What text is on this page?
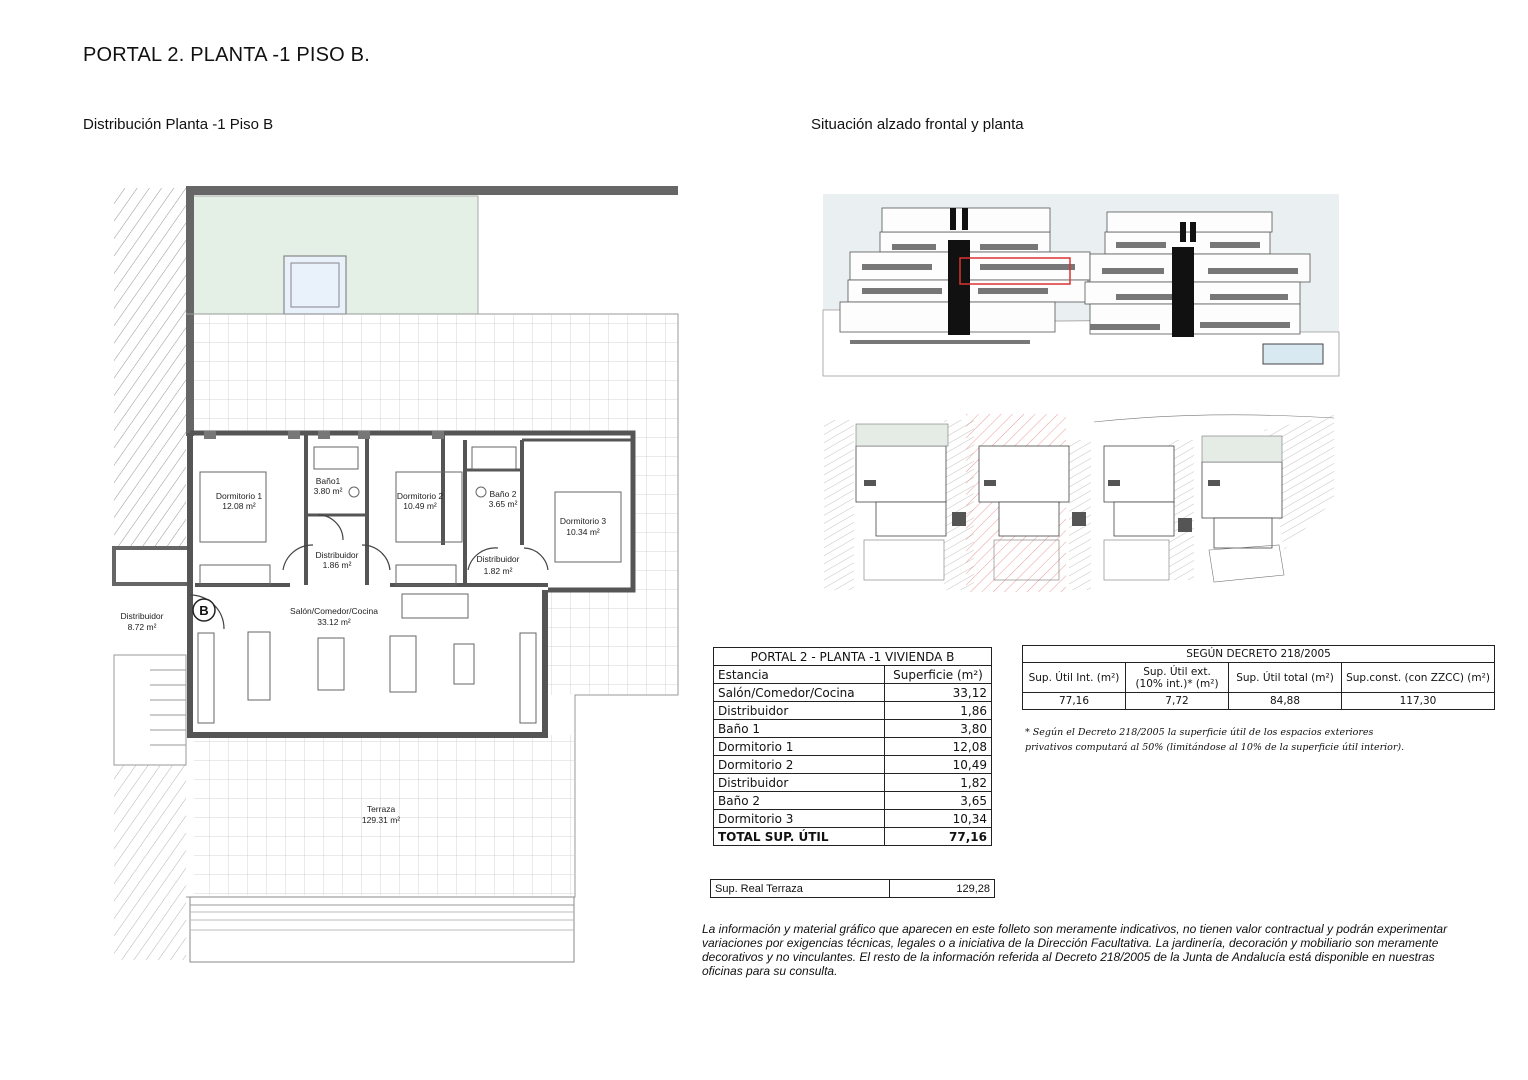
PORTAL 2. PLANTA -1 PISO B.
Distribución Planta -1 Piso B	Situación alzado frontal y planta
B
Dormitorio 1
12.08 m²
Baño1
3.80 m²	Dormitorio 2
10.49 m²
Baño 2
3.65 m²
Dormitorio 3
10.34 m²
Distribuidor
1.86 m²
Distribuidor
1.82 m²
Salón/Comedor/Cocina
33.12 m²
Distribuidor
8.72 m²
Terraza
129.31 m²
PORTAL 2 - PLANTA -1 VIVIENDA B	
Estancia	Superficie (m²)
Salón/Comedor/Cocina	33,12
Distribuidor	1,86
Baño 1	3,80
Dormitorio 1	12,08
Dormitorio 2	10,49
Distribuidor	1,82
Baño 2	3,65
Dormitorio 3	10,34
TOTAL SUP. ÚTIL	77,16
Sup. Real Terraza	129,28
SEGÚN DECRETO 218/2005			
Sup. Útil Int. (m²)	Sup. Útil ext. (10% int.)* (m²)	Sup. Útil total (m²)	Sup.const. (con ZZCC) (m²)
77,16	7,72	84,88	117,30
* Según el Decreto 218/2005 la superficie útil de los espacios exteriores
privativos computará al 50% (limitándose al 10% de la superficie útil interior).
La información y material gráfico que aparecen en este folleto son meramente indicativos, no tienen valor contractual y podrán experimentar variaciones por exigencias técnicas, legales o a iniciativa de la Dirección Facultativa. La jardinería, decoración y mobiliario son meramente decorativos y no vinculantes. El resto de la información referida al Decreto 218/2005 de la Junta de Andalucía está disponible en nuestras oficinas para su consulta.
